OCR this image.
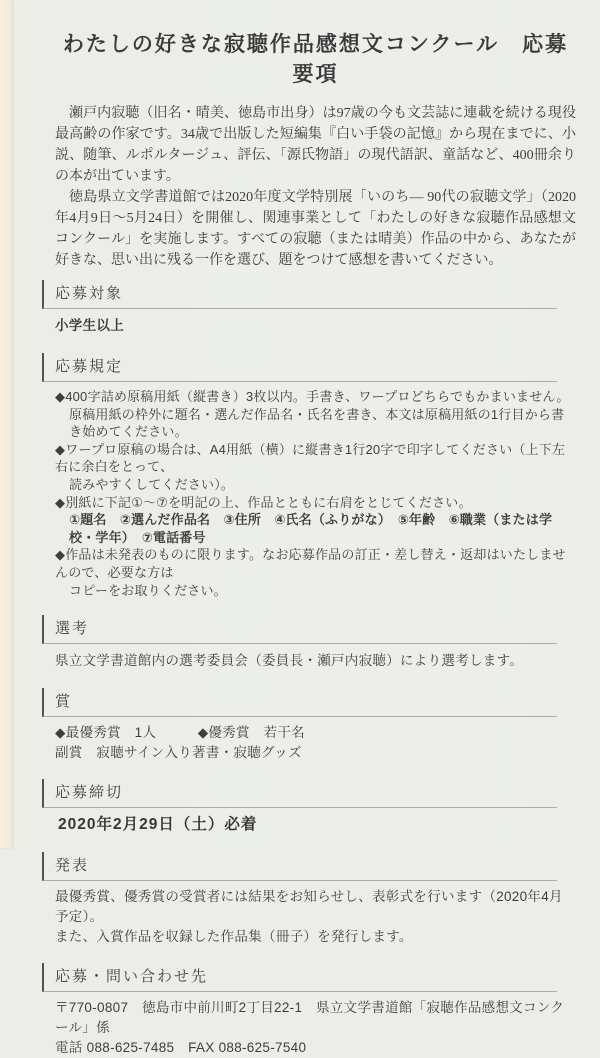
わたしの好きな寂聴作品感想文コンクール　応募要項

瀬戸内寂聴（旧名・晴美、徳島市出身）は97歳の今も文芸誌に連載を続ける現役最高齢の作家です。34歳で出版した短編集『白い手袋の記憶』から現在までに、小説、随筆、ルポルタージュ、評伝、「源氏物語」の現代語訳、童話など、400冊余りの本が出ています。

徳島県立文学書道館では2020年度文学特別展「いのち― 90代の寂聴文学」（2020年4月9日～5月24日）を開催し、関連事業として「わたしの好きな寂聴作品感想文コンクール」を実施します。すべての寂聴（または晴美）作品の中から、あなたが好きな、思い出に残る一作を選び、題をつけて感想を書いてください。

応募対象

小学生以上

応募規定

◆400字詰め原稿用紙（縦書き）3枚以内。手書き、ワープロどちらでもかまいません。

原稿用紙の枠外に題名・選んだ作品名・氏名を書き、本文は原稿用紙の1行目から書き始めてください。

◆ワープロ原稿の場合は、A4用紙（横）に縦書き1行20字で印字してください（上下左右に余白をとって、

読みやすくしてください）。

◆別紙に下記①～⑦を明記の上、作品とともに右肩をとじてください。

①題名　②選んだ作品名　③住所　④氏名（ふりがな）　⑤年齢　⑥職業（または学校・学年）　⑦電話番号

◆作品は未発表のものに限ります。なお応募作品の訂正・差し替え・返却はいたしませんので、必要な方は

コピーをお取りください。

選考

県立文学書道館内の選考委員会（委員長・瀬戸内寂聴）により選考します。

賞

◆最優秀賞　1人　　　◆優秀賞　若干名

副賞　寂聴サイン入り著書・寂聴グッズ

応募締切

2020年2月29日（土）必着

発表

最優秀賞、優秀賞の受賞者には結果をお知らせし、表彰式を行います（2020年4月予定）。

また、入賞作品を収録した作品集（冊子）を発行します。

応募・問い合わせ先

〒770-0807　徳島市中前川町2丁目22-1　県立文学書道館「寂聴作品感想文コンクール」係

電話 088-625-7485　FAX 088-625-7540
